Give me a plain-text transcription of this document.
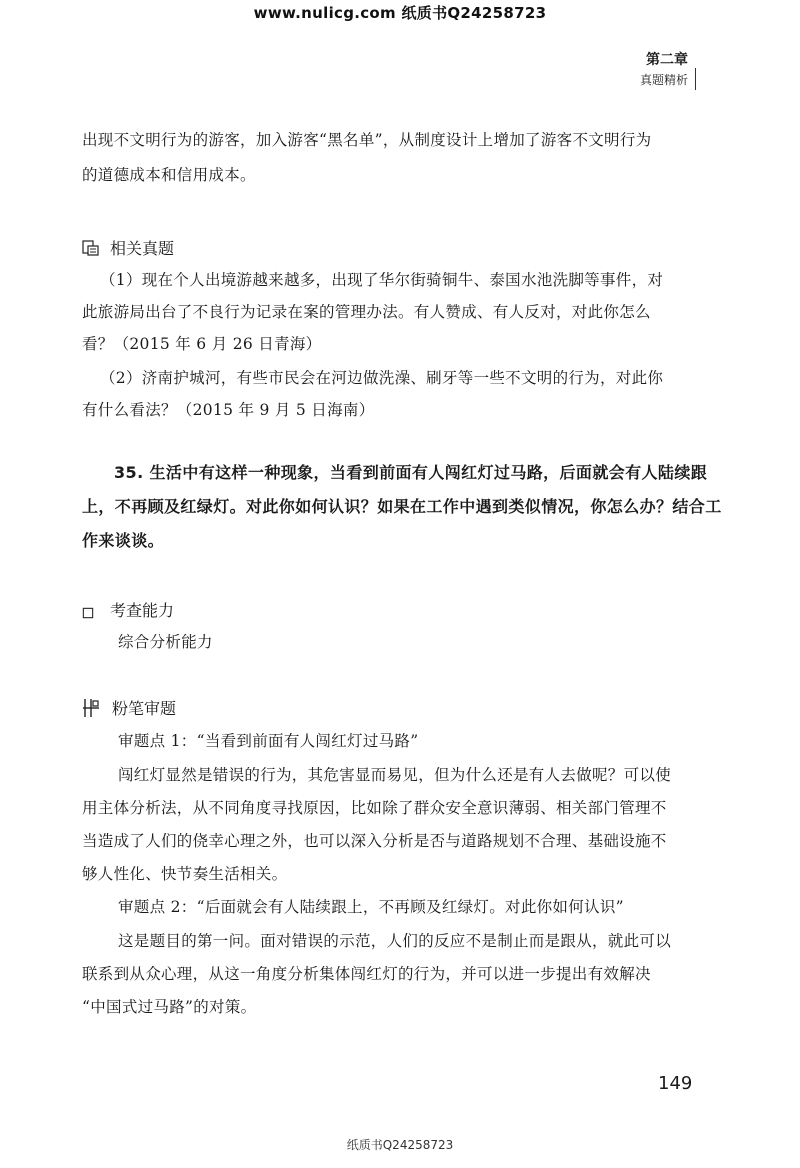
www.nulicg.com 纸质书Q24258723
第二章
真题精析
出现不文明行为的游客，加入游客“黑名单”，从制度设计上增加了游客不文明行为
的道德成本和信用成本。
相关真题
（1）现在个人出境游越来越多，出现了华尔街骑铜牛、泰国水池洗脚等事件，对
此旅游局出台了不良行为记录在案的管理办法。有人赞成、有人反对，对此你怎么
看？（2015 年 6 月 26 日青海）
（2）济南护城河，有些市民会在河边做洗澡、刷牙等一些不文明的行为，对此你
有什么看法？（2015 年 9 月 5 日海南）
35. 生活中有这样一种现象，当看到前面有人闯红灯过马路，后面就会有人陆续跟上，不再顾及红绿灯。对此你如何认识？如果在工作中遇到类似情况，你怎么办？结合工作来谈谈。
考查能力
综合分析能力
粉笔审题
审题点 1：“当看到前面有人闯红灯过马路”
闯红灯显然是错误的行为，其危害显而易见，但为什么还是有人去做呢？可以使
用主体分析法，从不同角度寻找原因，比如除了群众安全意识薄弱、相关部门管理不
当造成了人们的侥幸心理之外，也可以深入分析是否与道路规划不合理、基础设施不
够人性化、快节奏生活相关。
审题点 2：“后面就会有人陆续跟上，不再顾及红绿灯。对此你如何认识”
这是题目的第一问。面对错误的示范，人们的反应不是制止而是跟从，就此可以
联系到从众心理，从这一角度分析集体闯红灯的行为，并可以进一步提出有效解决
“中国式过马路”的对策。
149
纸质书Q24258723
